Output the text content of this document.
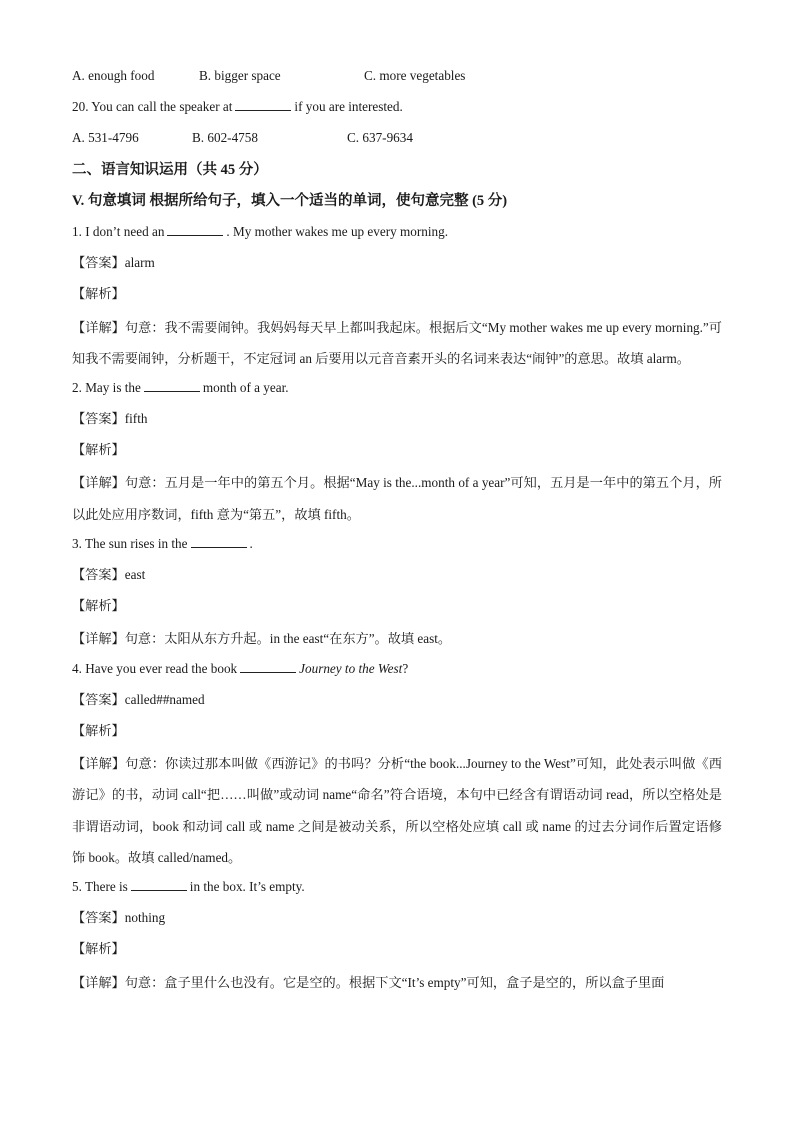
A. enough food	B. bigger space	C. more vegetables
20. You can call the speaker at	if you are interested.
A. 531-4796	B. 602-4758	C. 637-9634
二、语言知识运用（共 45 分）
V. 句意填词 根据所给句子，填入一个适当的单词，使句意完整 (5 分)
1. I don’t need an	. My mother wakes me up every morning.
【答案】alarm
【解析】

【详解】句意：我不需要闹钟。我妈妈每天早上都叫我起床。根据后文“My mother wakes me up every morning.”可知我不需要闹钟，分析题干，不定冠词 an 后要用以元音音素开头的名词来表达“闹钟”的意思。故填 alarm。

2. May is the	month of a year.
【答案】fifth
【解析】

【详解】句意：五月是一年中的第五个月。根据“May is the...month of a year”可知，五月是一年中的第五个月，所以此处应用序数词，fifth 意为“第五”，故填 fifth。

3. The sun rises in the	.
【答案】east
【解析】

【详解】句意：太阳从东方升起。in the east“在东方”。故填 east。

4. Have you ever read the book	Journey to the West?
【答案】called##named
【解析】

【详解】句意：你读过那本叫做《西游记》的书吗？分析“the book...Journey to the West”可知，此处表示叫做《西游记》的书，动词 call“把……叫做”或动词 name“命名”符合语境，本句中已经含有谓语动词 read，所以空格处是非谓语动词，book 和动词 call 或 name 之间是被动关系，所以空格处应填 call 或 name 的过去分词作后置定语修饰 book。故填 called/named。

5. There is	in the box. It’s empty.
【答案】nothing
【解析】

【详解】句意：盒子里什么也没有。它是空的。根据下文“It’s empty”可知，盒子是空的，所以盒子里面
